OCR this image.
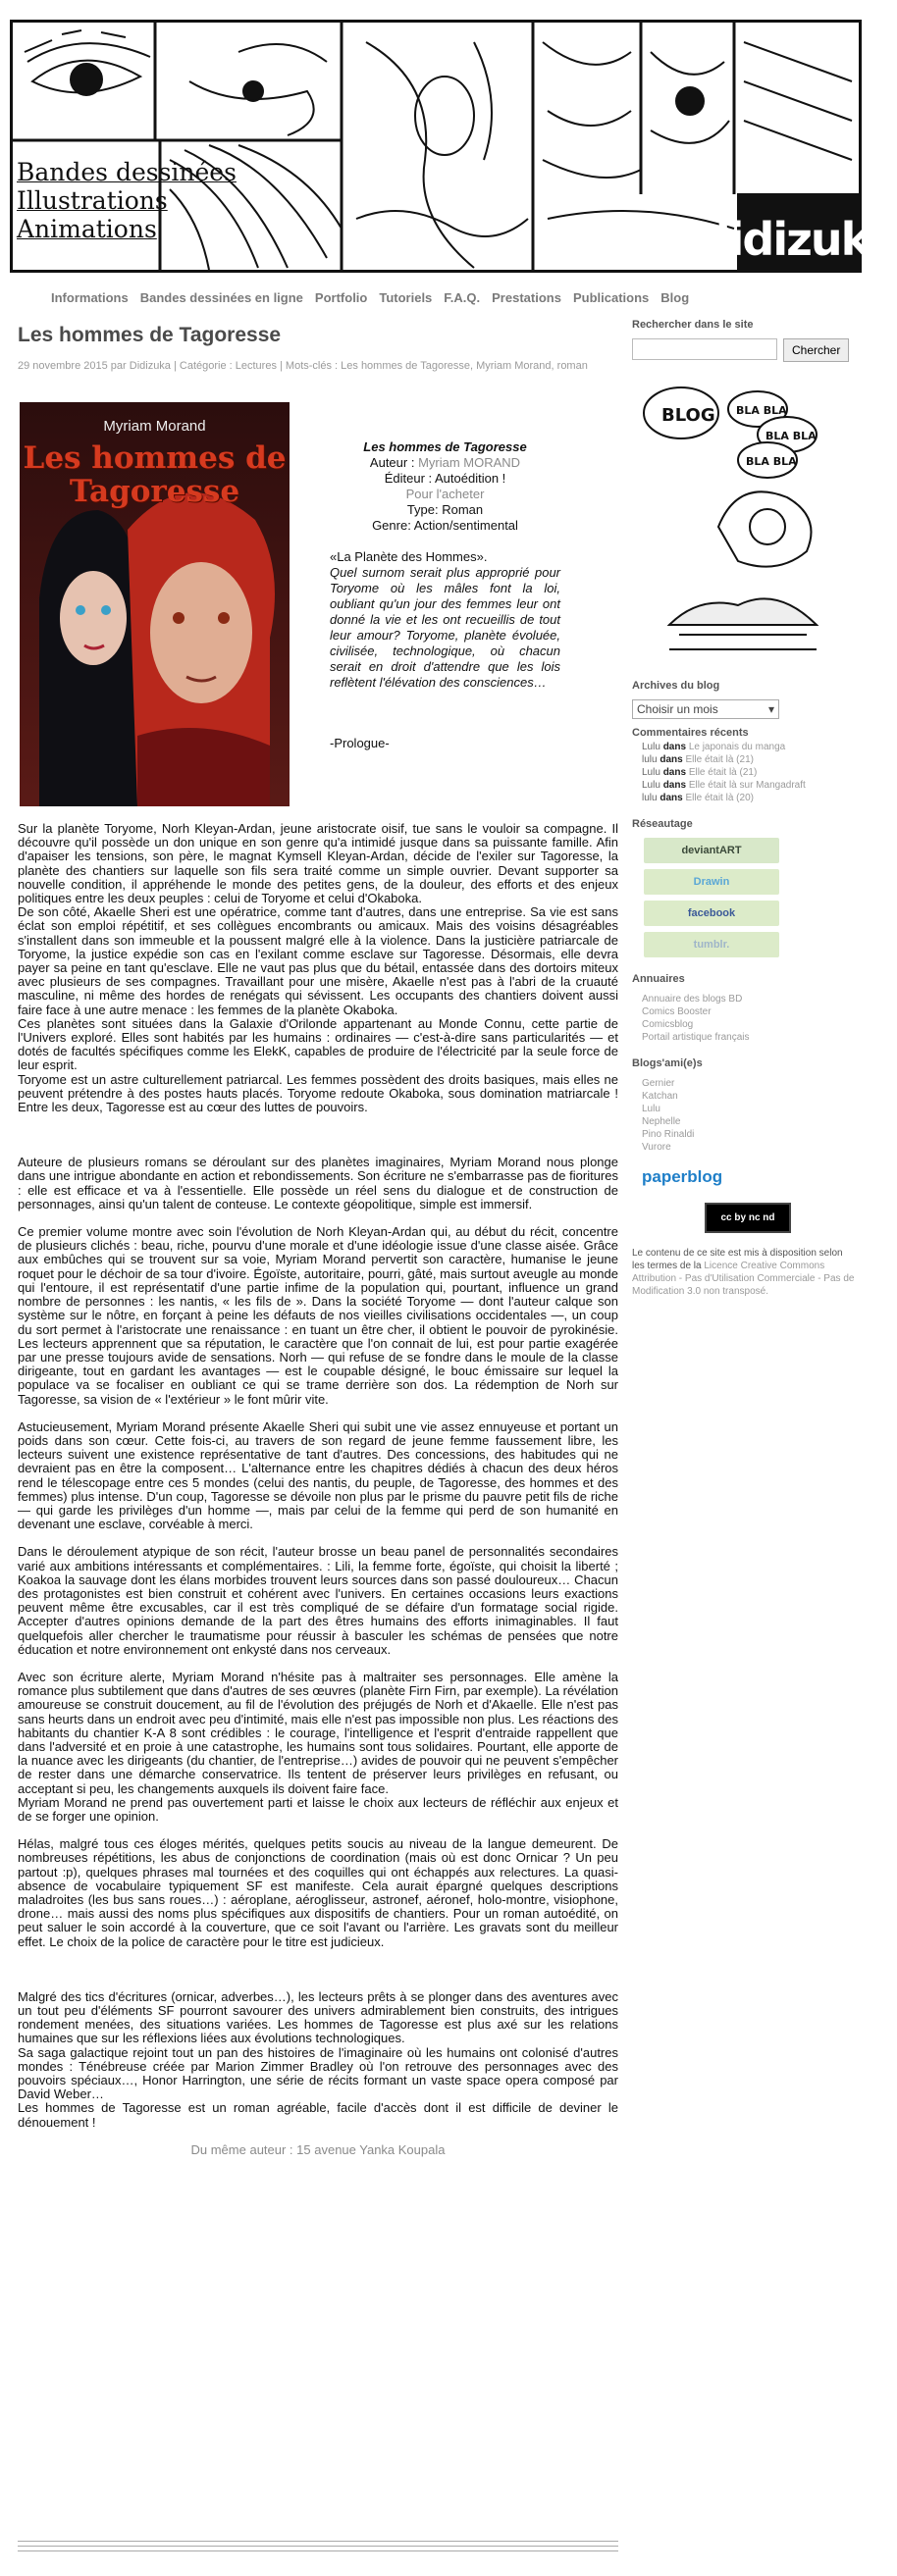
Bandes dessinées
Illustrations
Animations	didizuka
Informations Bandes dessinées en ligne Portfolio Tutoriels F.A.Q. Prestations Publications Blog
Les hommes de Tagoresse
29 novembre 2015 par Didizuka | Catégorie : Lectures | Mots-clés : Les hommes de Tagoresse, Myriam Morand, roman
Myriam Morand
Les hommes de Tagoresse
Les hommes de Tagoresse
Auteur : Myriam MORAND
Éditeur : Autoédition !
Pour l'acheter
Type: Roman
Genre: Action/sentimental
«La Planète des Hommes».
Quel surnom serait plus approprié pour Toryome où les mâles font la loi, oubliant qu'un jour des femmes leur ont donné la vie et les ont recueillis de tout leur amour? Toryome, planète évoluée, civilisée, technologique, où chacun serait en droit d'attendre que les lois reflètent l'élévation des consciences…
-Prologue-

Sur la planète Toryome, Norh Kleyan-Ardan, jeune aristocrate oisif, tue sans le vouloir sa compagne. Il découvre qu'il possède un don unique en son genre qu'a intimidé jusque dans sa puissante famille. Afin d'apaiser les tensions, son père, le magnat Kymsell Kleyan-Ardan, décide de l'exiler sur Tagoresse, la planète des chantiers sur laquelle son fils sera traité comme un simple ouvrier. Devant supporter sa nouvelle condition, il appréhende le monde des petites gens, de la douleur, des efforts et des enjeux politiques entre les deux peuples : celui de Toryome et celui d'Okaboka.

De son côté, Akaelle Sheri est une opératrice, comme tant d'autres, dans une entreprise. Sa vie est sans éclat son emploi répétitif, et ses collègues encombrants ou amicaux. Mais des voisins désagréables s'installent dans son immeuble et la poussent malgré elle à la violence. Dans la justicière patriarcale de Toryome, la justice expédie son cas en l'exilant comme esclave sur Tagoresse. Désormais, elle devra payer sa peine en tant qu'esclave. Elle ne vaut pas plus que du bétail, entassée dans des dortoirs miteux avec plusieurs de ses compagnes. Travaillant pour une misère, Akaelle n'est pas à l'abri de la cruauté masculine, ni même des hordes de renégats qui sévissent. Les occupants des chantiers doivent aussi faire face à une autre menace : les femmes de la planète Okaboka.

Ces planètes sont situées dans la Galaxie d'Orilonde appartenant au Monde Connu, cette partie de l'Univers exploré. Elles sont habités par les humains : ordinaires — c'est-à-dire sans particularités — et dotés de facultés spécifiques comme les ElekK, capables de produire de l'électricité par la seule force de leur esprit.

Toryome est un astre culturellement patriarcal. Les femmes possèdent des droits basiques, mais elles ne peuvent prétendre à des postes hauts placés. Toryome redoute Okaboka, sous domination matriarcale ! Entre les deux, Tagoresse est au cœur des luttes de pouvoirs.

Auteure de plusieurs romans se déroulant sur des planètes imaginaires, Myriam Morand nous plonge dans une intrigue abondante en action et rebondissements. Son écriture ne s'embarrasse pas de fioritures : elle est efficace et va à l'essentielle. Elle possède un réel sens du dialogue et de construction de personnages, ainsi qu'un talent de conteuse. Le contexte géopolitique, simple est immersif.

Ce premier volume montre avec soin l'évolution de Norh Kleyan-Ardan qui, au début du récit, concentre de plusieurs clichés : beau, riche, pourvu d'une morale et d'une idéologie issue d'une classe aisée. Grâce aux embûches qui se trouvent sur sa voie, Myriam Morand pervertit son caractère, humanise le jeune roquet pour le déchoir de sa tour d'ivoire. Égoïste, autoritaire, pourri, gâté, mais surtout aveugle au monde qui l'entoure, il est représentatif d'une partie infime de la population qui, pourtant, influence un grand nombre de personnes : les nantis, « les fils de ». Dans la société Toryome — dont l'auteur calque son système sur le nôtre, en forçant à peine les défauts de nos vieilles civilisations occidentales —, un coup du sort permet à l'aristocrate une renaissance : en tuant un être cher, il obtient le pouvoir de pyrokinésie. Les lecteurs apprennent que sa réputation, le caractère que l'on connait de lui, est pour partie exagérée par une presse toujours avide de sensations. Norh — qui refuse de se fondre dans le moule de la classe dirigeante, tout en gardant les avantages — est le coupable désigné, le bouc émissaire sur lequel la populace va se focaliser en oubliant ce qui se trame derrière son dos. La rédemption de Norh sur Tagoresse, sa vision de « l'extérieur » le font mûrir vite.

Astucieusement, Myriam Morand présente Akaelle Sheri qui subit une vie assez ennuyeuse et portant un poids dans son cœur. Cette fois-ci, au travers de son regard de jeune femme faussement libre, les lecteurs suivent une existence représentative de tant d'autres. Des concessions, des habitudes qui ne devraient pas en être la composent… L'alternance entre les chapitres dédiés à chacun des deux héros rend le télescopage entre ces 5 mondes (celui des nantis, du peuple, de Tagoresse, des hommes et des femmes) plus intense. D'un coup, Tagoresse se dévoile non plus par le prisme du pauvre petit fils de riche — qui garde les privilèges d'un homme —, mais par celui de la femme qui perd de son humanité en devenant une esclave, corvéable à merci.

Dans le déroulement atypique de son récit, l'auteur brosse un beau panel de personnalités secondaires varié aux ambitions intéressants et complémentaires. : Lili, la femme forte, égoïste, qui choisit la liberté ; Koakoa la sauvage dont les élans morbides trouvent leurs sources dans son passé douloureux… Chacun des protagonistes est bien construit et cohérent avec l'univers. En certaines occasions leurs exactions peuvent même être excusables, car il est très compliqué de se défaire d'un formatage social rigide. Accepter d'autres opinions demande de la part des êtres humains des efforts inimaginables. Il faut quelquefois aller chercher le traumatisme pour réussir à basculer les schémas de pensées que notre éducation et notre environnement ont enkysté dans nos cerveaux.

Avec son écriture alerte, Myriam Morand n'hésite pas à maltraiter ses personnages. Elle amène la romance plus subtilement que dans d'autres de ses œuvres (planète Firn Firn, par exemple). La révélation amoureuse se construit doucement, au fil de l'évolution des préjugés de Norh et d'Akaelle. Elle n'est pas sans heurts dans un endroit avec peu d'intimité, mais elle n'est pas impossible non plus. Les réactions des habitants du chantier K-A 8 sont crédibles : le courage, l'intelligence et l'esprit d'entraide rappellent que dans l'adversité et en proie à une catastrophe, les humains sont tous solidaires. Pourtant, elle apporte de la nuance avec les dirigeants (du chantier, de l'entreprise…) avides de pouvoir qui ne peuvent s'empêcher de rester dans une démarche conservatrice. Ils tentent de préserver leurs privilèges en refusant, ou acceptant si peu, les changements auxquels ils doivent faire face.

Myriam Morand ne prend pas ouvertement parti et laisse le choix aux lecteurs de réfléchir aux enjeux et de se forger une opinion.

Hélas, malgré tous ces éloges mérités, quelques petits soucis au niveau de la langue demeurent. De nombreuses répétitions, les abus de conjonctions de coordination (mais où est donc Ornicar ? Un peu partout :p), quelques phrases mal tournées et des coquilles qui ont échappés aux relectures. La quasi-absence de vocabulaire typiquement SF est manifeste. Cela aurait épargné quelques descriptions maladroites (les bus sans roues…) : aéroplane, aéroglisseur, astronef, aéronef, holo-montre, visiophone, drone… mais aussi des noms plus spécifiques aux dispositifs de chantiers. Pour un roman autoédité, on peut saluer le soin accordé à la couverture, que ce soit l'avant ou l'arrière. Les gravats sont du meilleur effet. Le choix de la police de caractère pour le titre est judicieux.

Malgré des tics d'écritures (ornicar, adverbes…), les lecteurs prêts à se plonger dans des aventures avec un tout peu d'éléments SF pourront savourer des univers admirablement bien construits, des intrigues rondement menées, des situations variées. Les hommes de Tagoresse est plus axé sur les relations humaines que sur les réflexions liées aux évolutions technologiques.

Sa saga galactique rejoint tout un pan des histoires de l'imaginaire où les humains ont colonisé d'autres mondes : Ténébreuse créée par Marion Zimmer Bradley où l'on retrouve des personnages avec des pouvoirs spéciaux…, Honor Harrington, une série de récits formant un vaste space opera composé par David Weber…

Les hommes de Tagoresse est un roman agréable, facile d'accès dont il est difficile de deviner le dénouement !

Du même auteur : 15 avenue Yanka Koupala
Rechercher dans le site
Chercher
BLOG BLA BLA
BLA BLA
BLA BLA
Archives du blog
Choisir un mois	▾
Commentaires récents
Lulu dans Le japonais du manga
lulu dans Elle était là (21)
Lulu dans Elle était là (21)
Lulu dans Elle était là sur Mangadraft
lulu dans Elle était là (20)
Réseautage
deviantART
Drawin
facebook
tumblr.
Annuaires
Annuaire des blogs BD
Comics Booster
Comicsblog
Portail artistique français
Blogs'ami(e)s
Gernier
Katchan
Lulu
Nephelle
Pino Rinaldi
Vurore
paperblog
cc by nc nd
Le contenu de ce site est mis à disposition selon les termes de la Licence Creative Commons Attribution - Pas d'Utilisation Commerciale - Pas de Modification 3.0 non transposé.
